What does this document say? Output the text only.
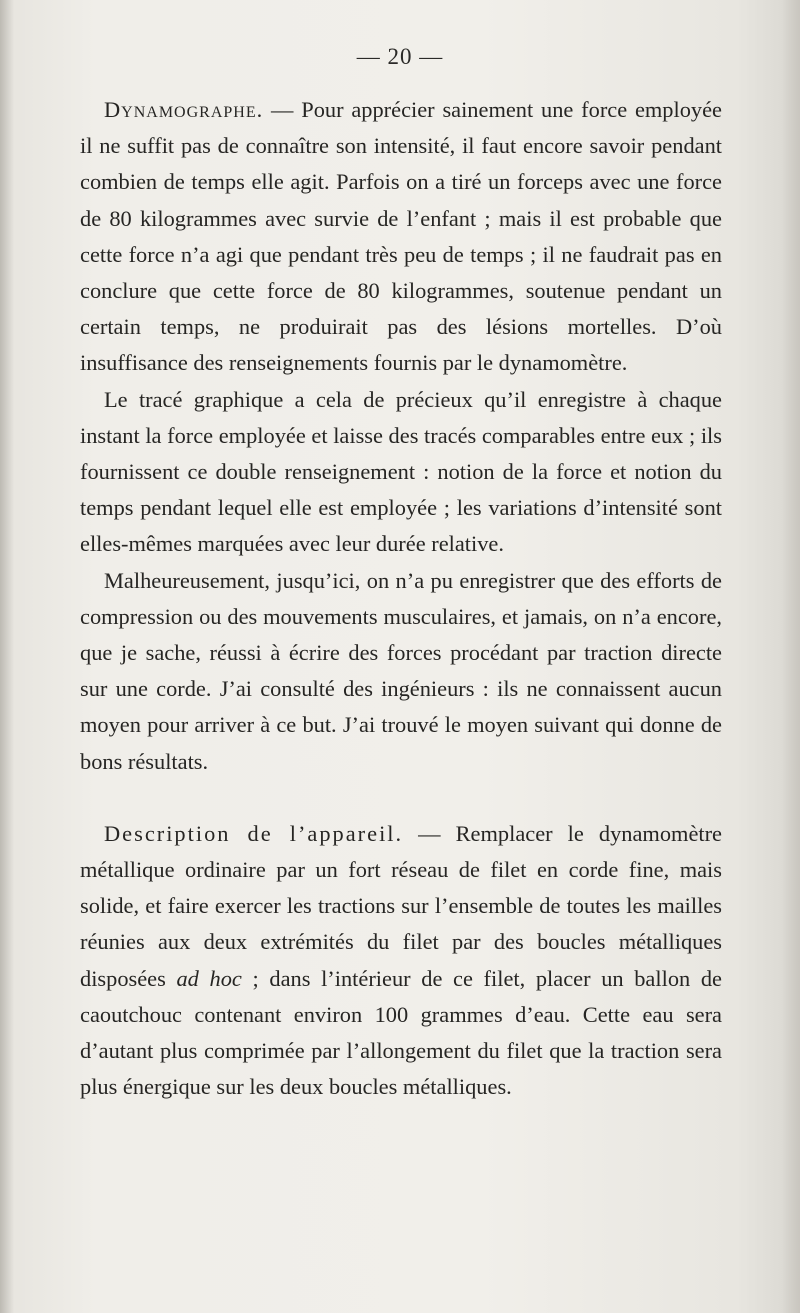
— 20 —

Dynamographe. — Pour apprécier sainement une force employée il ne suffit pas de connaître son intensité, il faut encore savoir pendant combien de temps elle agit. Parfois on a tiré un forceps avec une force de 80 kilogrammes avec survie de l’enfant ; mais il est probable que cette force n’a agi que pendant très peu de temps ; il ne faudrait pas en conclure que cette force de 80 kilogrammes, soutenue pendant un certain temps, ne produirait pas des lésions mortelles. D’où insuffisance des renseignements fournis par le dynamomètre.

Le tracé graphique a cela de précieux qu’il enregistre à chaque instant la force employée et laisse des tracés comparables entre eux ; ils fournissent ce double renseignement : notion de la force et notion du temps pendant lequel elle est employée ; les variations d’intensité sont elles-mêmes marquées avec leur durée relative.

Malheureusement, jusqu’ici, on n’a pu enregistrer que des efforts de compression ou des mouvements musculaires, et jamais, on n’a encore, que je sache, réussi à écrire des forces procédant par traction directe sur une corde. J’ai consulté des ingénieurs : ils ne connaissent aucun moyen pour arriver à ce but. J’ai trouvé le moyen suivant qui donne de bons résultats.

Description de l’appareil. — Remplacer le dynamomètre métallique ordinaire par un fort réseau de filet en corde fine, mais solide, et faire exercer les tractions sur l’ensemble de toutes les mailles réunies aux deux extrémités du filet par des boucles métalliques disposées ad hoc ; dans l’intérieur de ce filet, placer un ballon de caoutchouc contenant environ 100 grammes d’eau. Cette eau sera d’autant plus comprimée par l’allongement du filet que la traction sera plus énergique sur les deux boucles métalliques.
